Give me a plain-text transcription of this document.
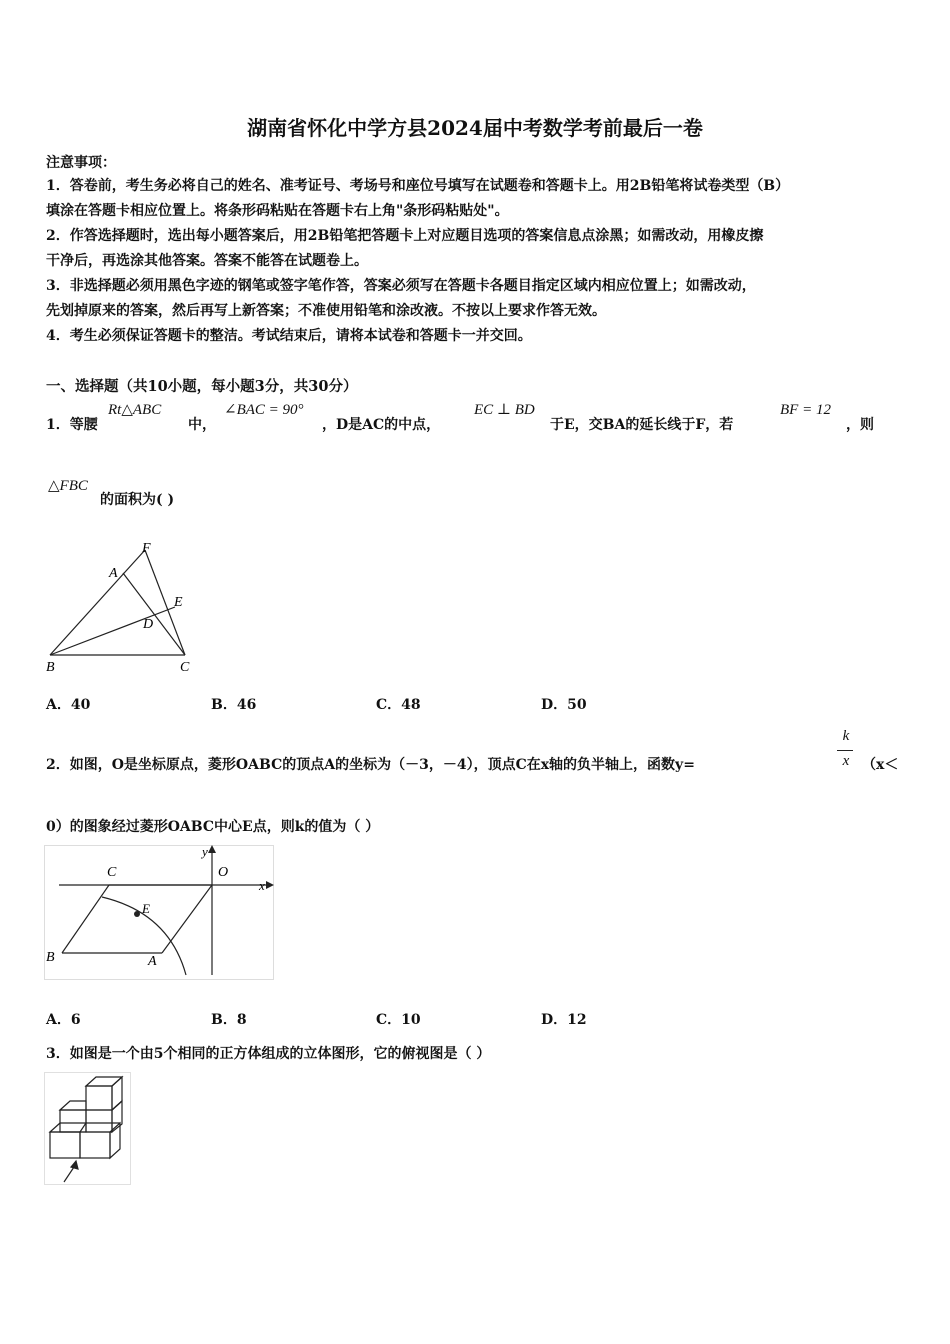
湖南省怀化中学方县2024届中考数学考前最后一卷
注意事项：
1．答卷前，考生务必将自己的姓名、准考证号、考场号和座位号填写在试题卷和答题卡上。用2B铅笔将试卷类型（B）
填涂在答题卡相应位置上。将条形码粘贴在答题卡右上角"条形码粘贴处"。
2．作答选择题时，选出每小题答案后，用2B铅笔把答题卡上对应题目选项的答案信息点涂黑；如需改动，用橡皮擦
干净后，再选涂其他答案。答案不能答在试题卷上。
3．非选择题必须用黑色字迹的钢笔或签字笔作答，答案必须写在答题卡各题目指定区域内相应位置上；如需改动，
先划掉原来的答案，然后再写上新答案；不准使用铅笔和涂改液。不按以上要求作答无效。
4．考生必须保证答题卡的整洁。考试结束后，请将本试卷和答题卡一并交回。
一、选择题（共10小题，每小题3分，共30分）
1．等腰
Rt△ABC
中，
∠BAC = 90°
，D是AC的中点，
EC ⊥ BD
于E，交BA的延长线于F，若
BF = 12
，则
△FBC
的面积为( )
F
A
E
D
B	C
A．40	B．46	C．48	D．50
2．如图，O是坐标原点，菱形OABC的顶点A的坐标为（－3，－4），顶点C在x轴的负半轴上，函数y=
k
x （x＜
0）的图象经过菱形OABC中心E点，则k的值为（ ）
y
C	O
x
E
B	A
A．6	B．8	C．10	D．12
3．如图是一个由5个相同的正方体组成的立体图形，它的俯视图是（ ）
